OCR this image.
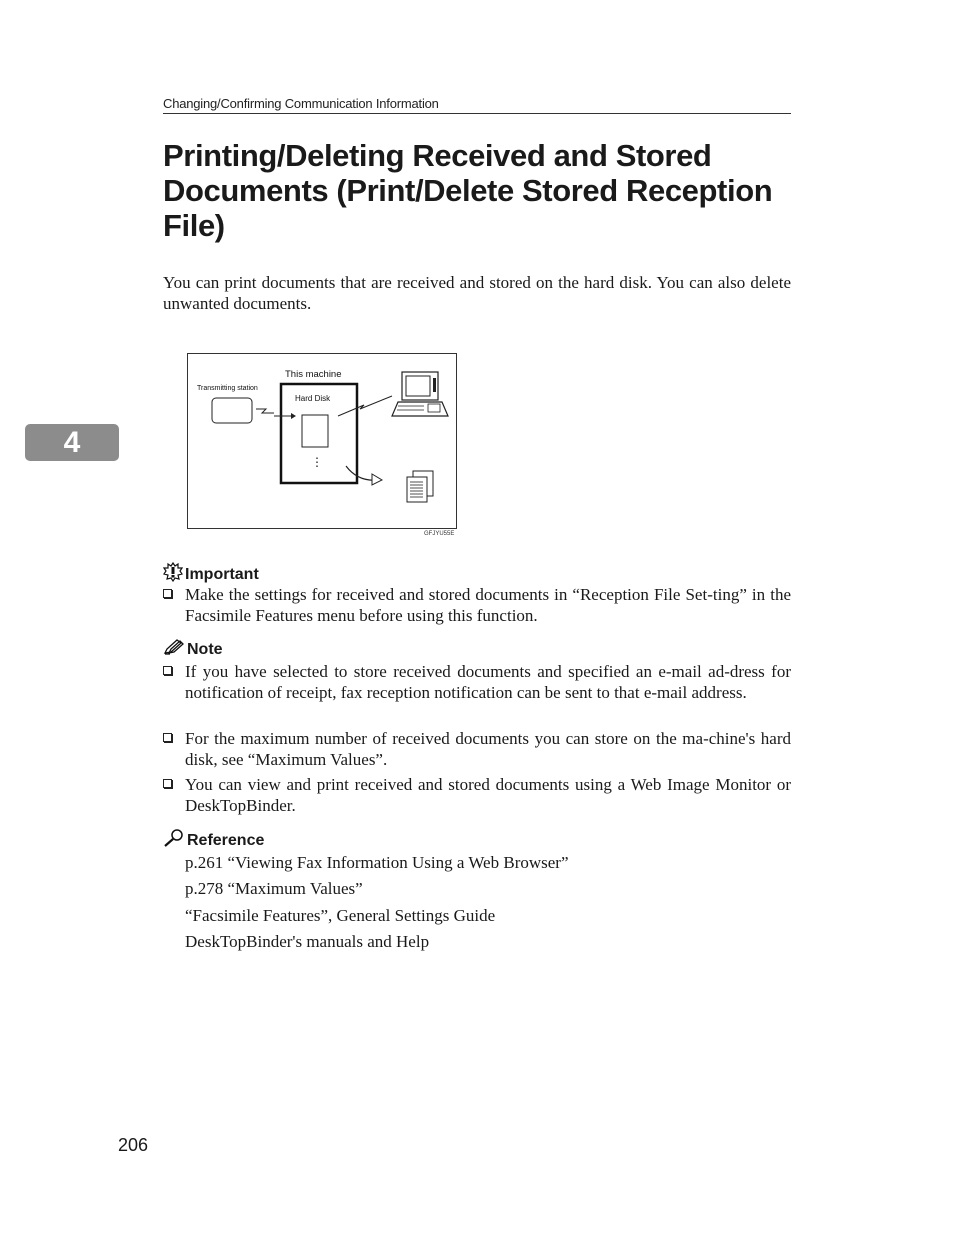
Changing/Confirming Communication Information
Printing/Deleting Received and Stored Documents (Print/Delete Stored Reception File)

You can print documents that are received and stored on the hard disk. You can also delete unwanted documents.

4
This machine
Transmitting station
Hard Disk
⋮
GFJYU55E
Important
Make the settings for received and stored documents in “Reception File Set-ting” in the Facsimile Features menu before using this function.
Note
If you have selected to store received documents and specified an e-mail ad-dress for notification of receipt, fax reception notification can be sent to that e-mail address.
For the maximum number of received documents you can store on the ma-chine's hard disk, see “Maximum Values”.
You can view and print received and stored documents using a Web Image Monitor or DeskTopBinder.
Reference
p.261 “Viewing Fax Information Using a Web Browser”
p.278 “Maximum Values”
“Facsimile Features”, General Settings Guide
DeskTopBinder's manuals and Help
206
